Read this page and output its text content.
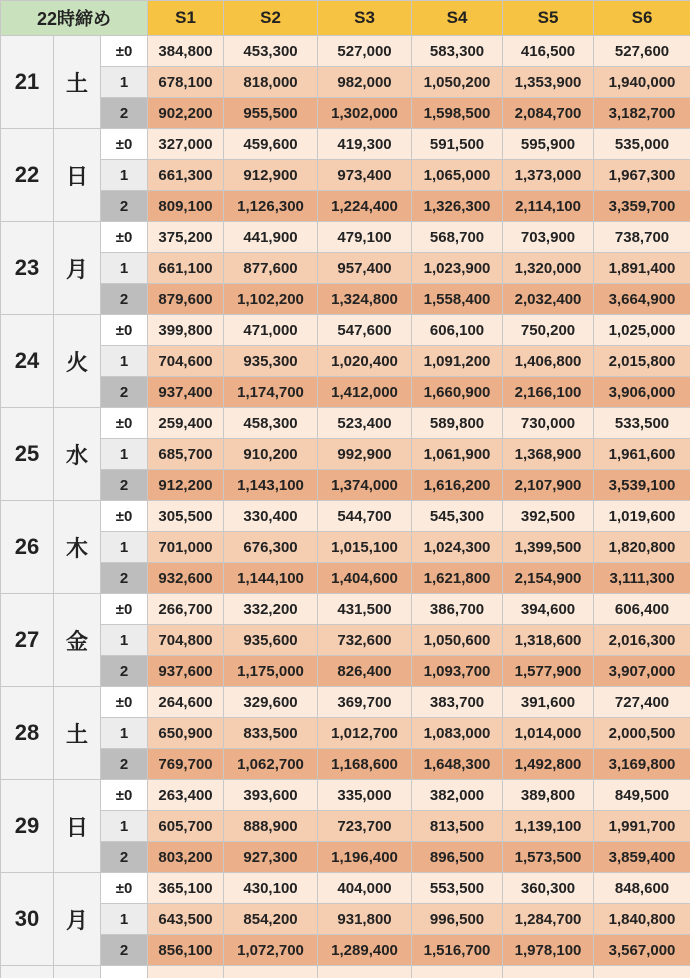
22時締め			S1	S2	S3	S4	S5	S6
21	土	±0	384,800	453,300	527,000	583,300	416,500	527,600
		1	678,100	818,000	982,000	1,050,200	1,353,900	1,940,000
		2	902,200	955,500	1,302,000	1,598,500	2,084,700	3,182,700
22	日	±0	327,000	459,600	419,300	591,500	595,900	535,000
		1	661,300	912,900	973,400	1,065,000	1,373,000	1,967,300
		2	809,100	1,126,300	1,224,400	1,326,300	2,114,100	3,359,700
23	月	±0	375,200	441,900	479,100	568,700	703,900	738,700
		1	661,100	877,600	957,400	1,023,900	1,320,000	1,891,400
		2	879,600	1,102,200	1,324,800	1,558,400	2,032,400	3,664,900
24	火	±0	399,800	471,000	547,600	606,100	750,200	1,025,000
		1	704,600	935,300	1,020,400	1,091,200	1,406,800	2,015,800
		2	937,400	1,174,700	1,412,000	1,660,900	2,166,100	3,906,000
25	水	±0	259,400	458,300	523,400	589,800	730,000	533,500
		1	685,700	910,200	992,900	1,061,900	1,368,900	1,961,600
		2	912,200	1,143,100	1,374,000	1,616,200	2,107,900	3,539,100
26	木	±0	305,500	330,400	544,700	545,300	392,500	1,019,600
		1	701,000	676,300	1,015,100	1,024,300	1,399,500	1,820,800
		2	932,600	1,144,100	1,404,600	1,621,800	2,154,900	3,111,300
27	金	±0	266,700	332,200	431,500	386,700	394,600	606,400
		1	704,800	935,600	732,600	1,050,600	1,318,600	2,016,300
		2	937,600	1,175,000	826,400	1,093,700	1,577,900	3,907,000
28	土	±0	264,600	329,600	369,700	383,700	391,600	727,400
		1	650,900	833,500	1,012,700	1,083,000	1,014,000	2,000,500
		2	769,700	1,062,700	1,168,600	1,648,300	1,492,800	3,169,800
29	日	±0	263,400	393,600	335,000	382,000	389,800	849,500
		1	605,700	888,900	723,700	813,500	1,139,100	1,991,700
		2	803,200	927,300	1,196,400	896,500	1,573,500	3,859,400
30	月	±0	365,100	430,100	404,000	553,500	360,300	848,600
		1	643,500	854,200	931,800	996,500	1,284,700	1,840,800
		2	856,100	1,072,700	1,289,400	1,516,700	1,978,100	3,567,000
